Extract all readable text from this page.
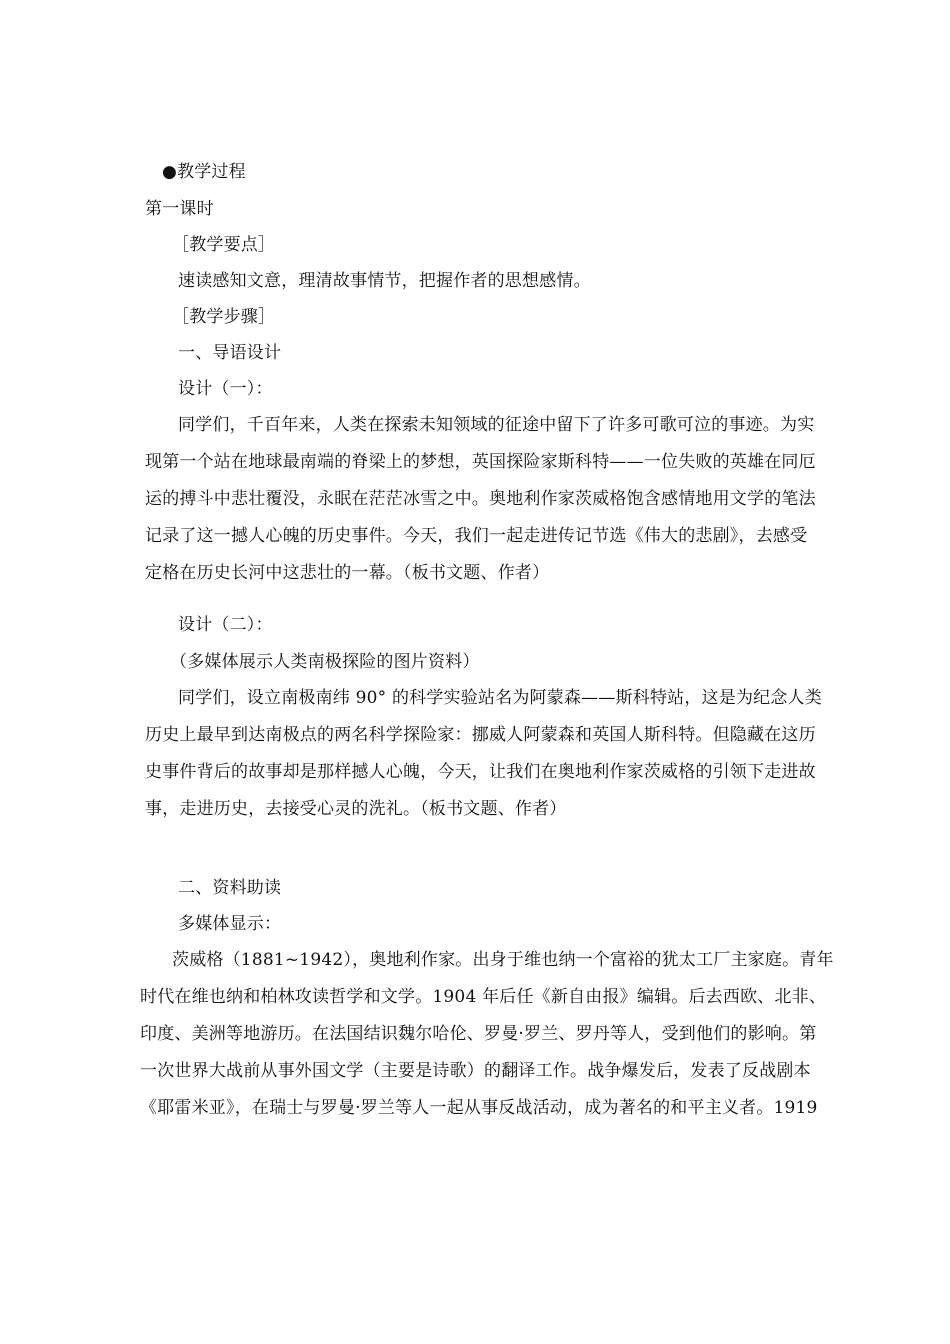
●教学过程
第一课时
［教学要点］
速读感知文意，理清故事情节，把握作者的思想感情。
［教学步骤］
一、导语设计
设计（一）：
同学们，千百年来，人类在探索未知领域的征途中留下了许多可歌可泣的事迹。为实
现第一个站在地球最南端的脊梁上的梦想，英国探险家斯科特——一位失败的英雄在同厄
运的搏斗中悲壮覆没，永眠在茫茫冰雪之中。奥地利作家茨威格饱含感情地用文学的笔法
记录了这一撼人心魄的历史事件。今天，我们一起走进传记节选《伟大的悲剧》，去感受
定格在历史长河中这悲壮的一幕。（板书文题、作者）
设计（二）：
（多媒体展示人类南极探险的图片资料）
同学们，设立南极南纬 90° 的科学实验站名为阿蒙森——斯科特站，这是为纪念人类
历史上最早到达南极点的两名科学探险家：挪威人阿蒙森和英国人斯科特。但隐藏在这历
史事件背后的故事却是那样撼人心魄，今天，让我们在奥地利作家茨威格的引领下走进故
事，走进历史，去接受心灵的洗礼。（板书文题、作者）
二、资料助读
多媒体显示：
茨威格（1881~1942），奥地利作家。出身于维也纳一个富裕的犹太工厂主家庭。青年
时代在维也纳和柏林攻读哲学和文学。1904 年后任《新自由报》编辑。后去西欧、北非、
印度、美洲等地游历。在法国结识魏尔哈伦、罗曼·罗兰、罗丹等人，受到他们的影响。第
一次世界大战前从事外国文学（主要是诗歌）的翻译工作。战争爆发后，发表了反战剧本
《耶雷米亚》，在瑞士与罗曼·罗兰等人一起从事反战活动，成为著名的和平主义者。1919
